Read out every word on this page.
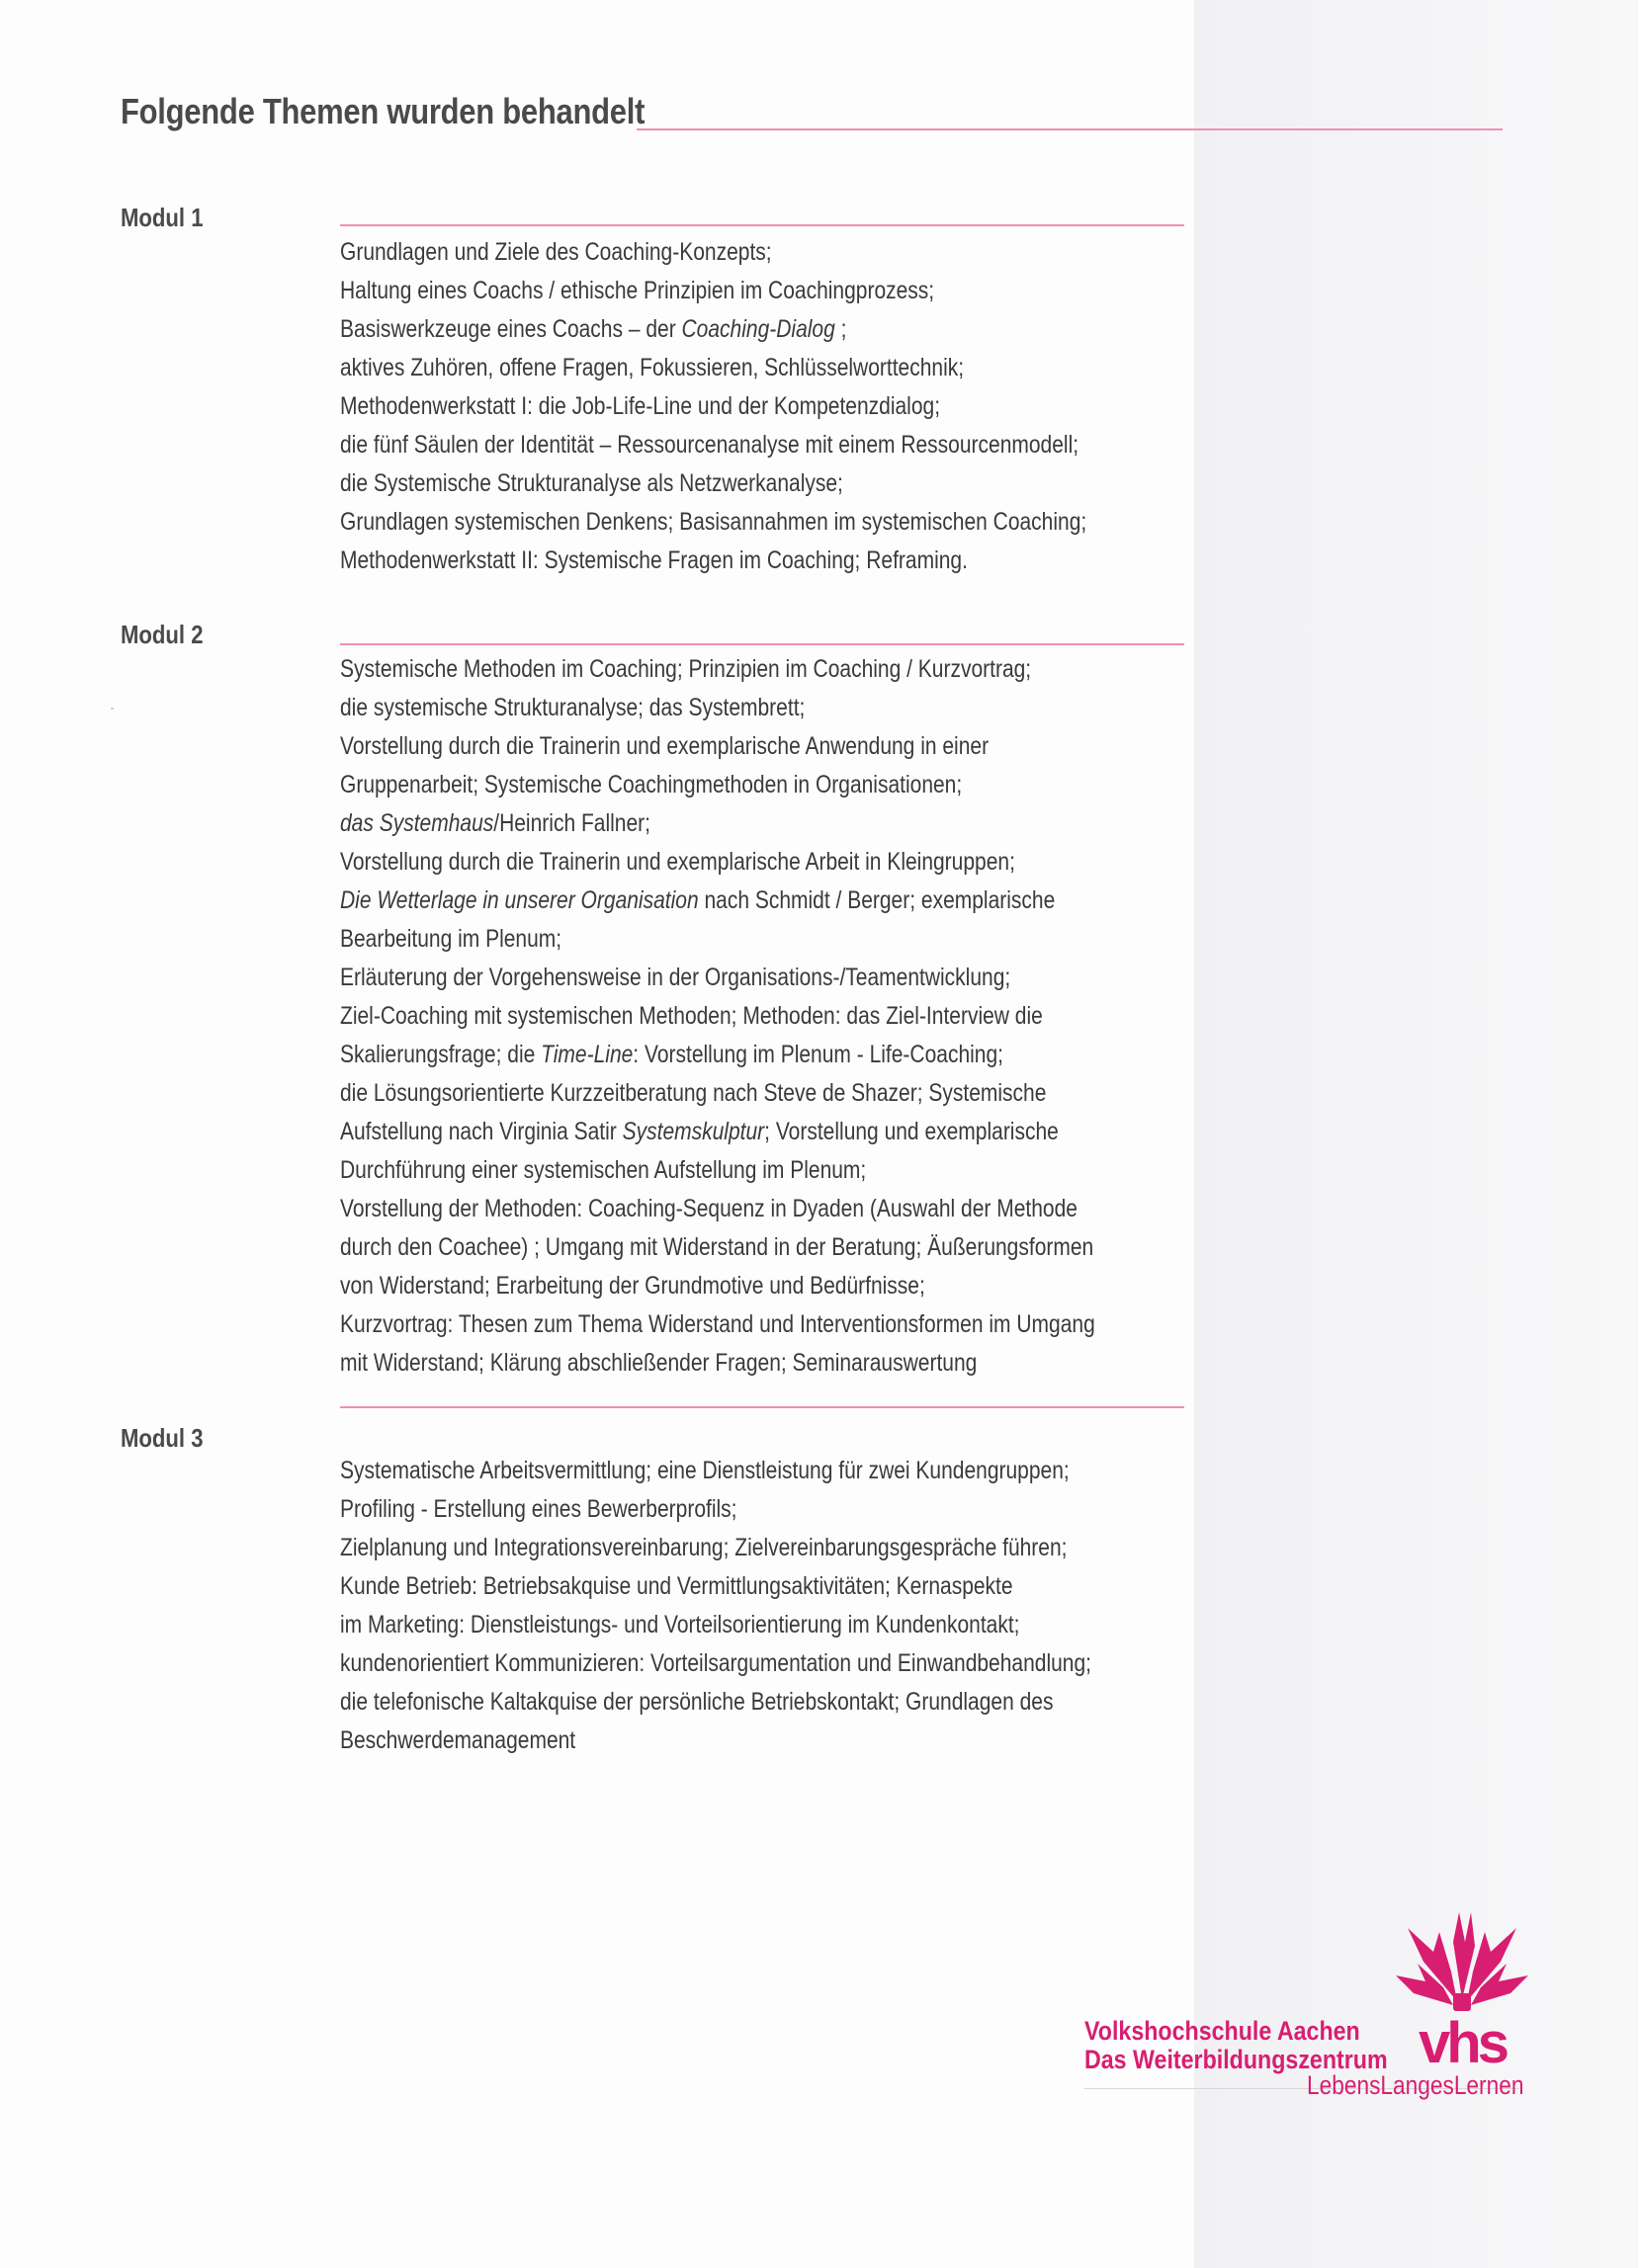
Folgende Themen wurden behandelt
Modul 1
Grundlagen und Ziele des Coaching-Konzepts;
Haltung eines Coachs / ethische Prinzipien im Coachingprozess;
Basiswerkzeuge eines Coachs – der Coaching-Dialog ;
aktives Zuhören, offene Fragen, Fokussieren, Schlüsselworttechnik;
Methodenwerkstatt I: die Job-Life-Line und der Kompetenzdialog;
die fünf Säulen der Identität – Ressourcenanalyse mit einem Ressourcenmodell;
die Systemische Strukturanalyse als Netzwerkanalyse;
Grundlagen systemischen Denkens; Basisannahmen im systemischen Coaching;
Methodenwerkstatt II: Systemische Fragen im Coaching; Reframing.
Modul 2
Systemische Methoden im Coaching; Prinzipien im Coaching / Kurzvortrag;
die systemische Strukturanalyse; das Systembrett;
Vorstellung durch die Trainerin und exemplarische Anwendung in einer
Gruppenarbeit; Systemische Coachingmethoden in Organisationen;
das Systemhaus/Heinrich Fallner;
Vorstellung durch die Trainerin und exemplarische Arbeit in Kleingruppen;
Die Wetterlage in unserer Organisation nach Schmidt / Berger; exemplarische
Bearbeitung im Plenum;
Erläuterung der Vorgehensweise in der Organisations-/Teamentwicklung;
Ziel-Coaching mit systemischen Methoden; Methoden: das Ziel-Interview die
Skalierungsfrage; die Time-Line: Vorstellung im Plenum - Life-Coaching;
die Lösungsorientierte Kurzzeitberatung nach Steve de Shazer; Systemische
Aufstellung nach Virginia Satir Systemskulptur; Vorstellung und exemplarische
Durchführung einer systemischen Aufstellung im Plenum;
Vorstellung der Methoden: Coaching-Sequenz in Dyaden (Auswahl der Methode
durch den Coachee) ; Umgang mit Widerstand in der Beratung; Äußerungsformen
von Widerstand; Erarbeitung der Grundmotive und Bedürfnisse;
Kurzvortrag: Thesen zum Thema Widerstand und Interventionsformen im Umgang
mit Widerstand; Klärung abschließender Fragen; Seminarauswertung
Modul 3
Systematische Arbeitsvermittlung; eine Dienstleistung für zwei Kundengruppen;
Profiling - Erstellung eines Bewerberprofils;
Zielplanung und Integrationsvereinbarung; Zielvereinbarungsgespräche führen;
Kunde Betrieb: Betriebsakquise und Vermittlungsaktivitäten; Kernaspekte
im Marketing: Dienstleistungs- und Vorteilsorientierung im Kundenkontakt;
kundenorientiert Kommunizieren: Vorteilsargumentation und Einwandbehandlung;
die telefonische Kaltakquise der persönliche Betriebskontakt; Grundlagen des
Beschwerdemanagement
Volkshochschule Aachen
Das Weiterbildungszentrum
LebensLangesLernen
vhs
